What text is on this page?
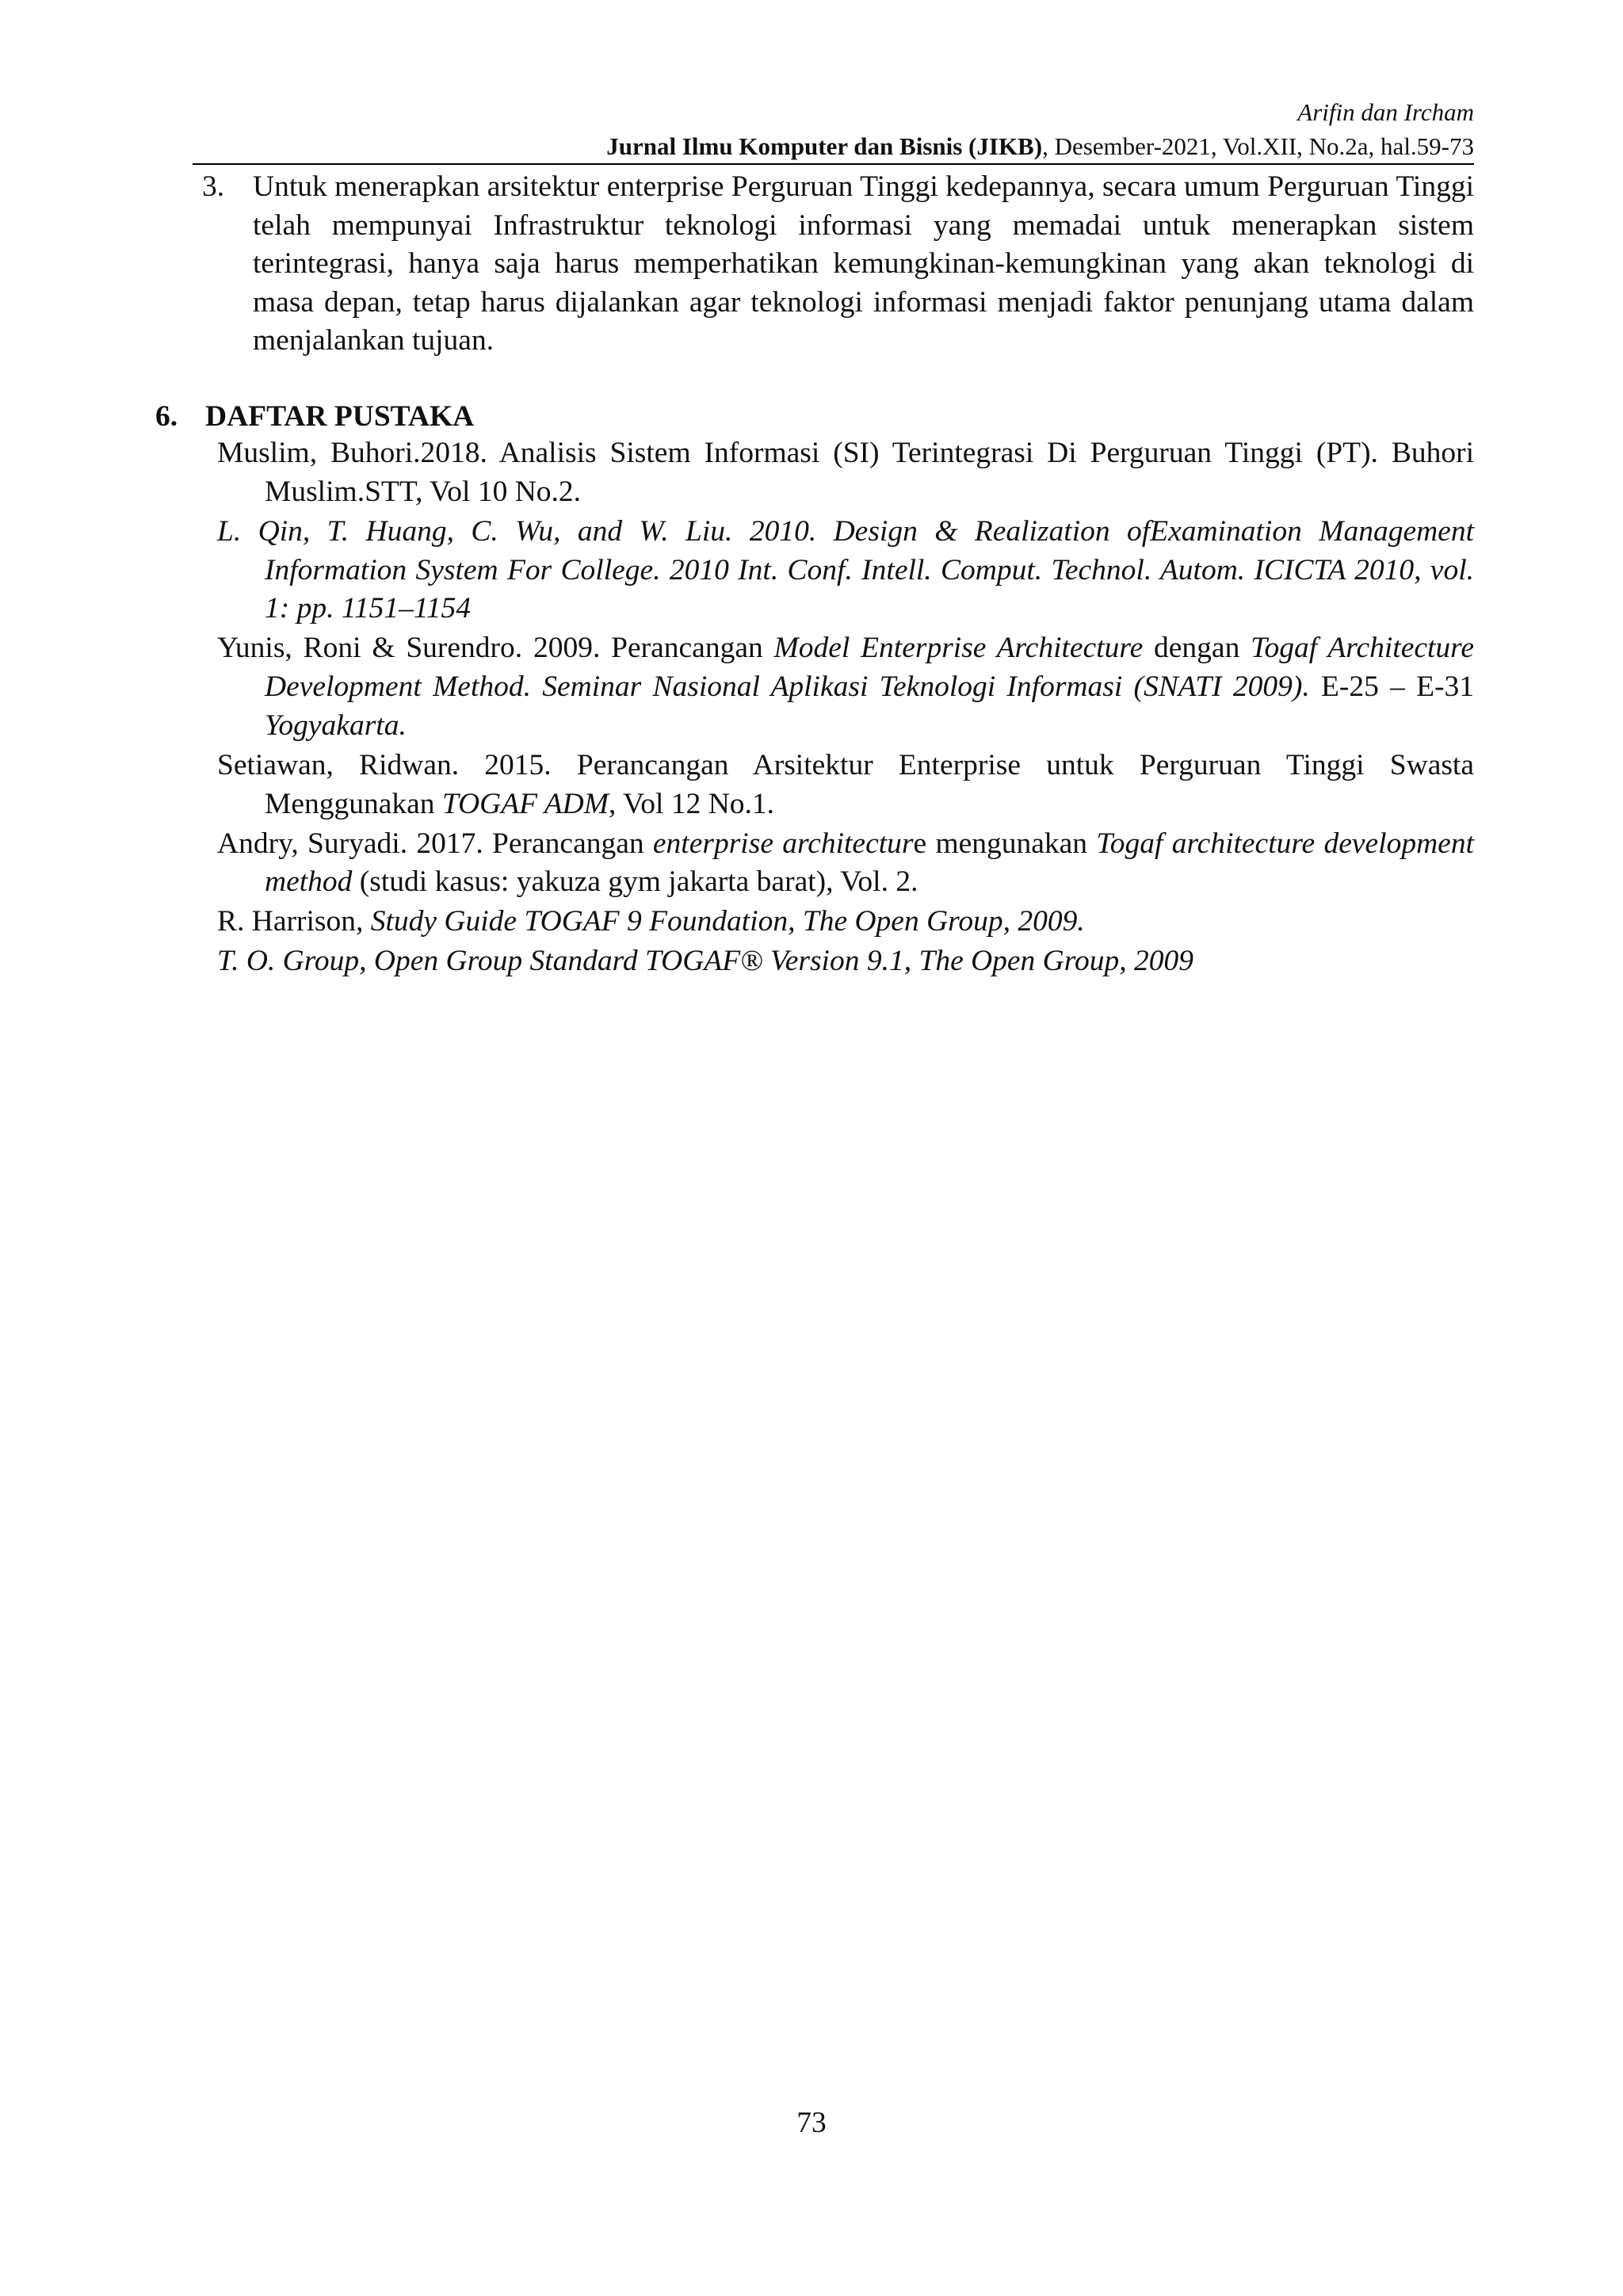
Arifin dan Ircham
Jurnal Ilmu Komputer dan Bisnis (JIKB), Desember-2021, Vol.XII, No.2a, hal.59-73
3. Untuk menerapkan arsitektur enterprise Perguruan Tinggi kedepannya, secara umum Perguruan Tinggi telah mempunyai Infrastruktur teknologi informasi yang memadai untuk menerapkan sistem terintegrasi, hanya saja harus memperhatikan kemungkinan-kemungkinan yang akan teknologi di masa depan, tetap harus dijalankan agar teknologi informasi menjadi faktor penunjang utama dalam menjalankan tujuan.
6. DAFTAR PUSTAKA

Muslim, Buhori.2018. Analisis Sistem Informasi (SI) Terintegrasi Di Perguruan Tinggi (PT). Buhori Muslim.STT, Vol 10 No.2.

L. Qin, T. Huang, C. Wu, and W. Liu. 2010. Design & Realization ofExamination Management Information System For College. 2010 Int. Conf. Intell. Comput. Technol. Autom. ICICTA 2010, vol. 1: pp. 1151–1154

Yunis, Roni & Surendro. 2009. Perancangan Model Enterprise Architecture dengan Togaf Architecture Development Method. Seminar Nasional Aplikasi Teknologi Informasi (SNATI 2009). E-25 – E-31 Yogyakarta.

Setiawan, Ridwan. 2015. Perancangan Arsitektur Enterprise untuk Perguruan Tinggi Swasta Menggunakan TOGAF ADM, Vol 12 No.1.

Andry, Suryadi. 2017. Perancangan enterprise architecture mengunakan Togaf architecture development method (studi kasus: yakuza gym jakarta barat), Vol. 2.

R. Harrison, Study Guide TOGAF 9 Foundation, The Open Group, 2009.

T. O. Group, Open Group Standard TOGAF® Version 9.1, The Open Group, 2009

73
